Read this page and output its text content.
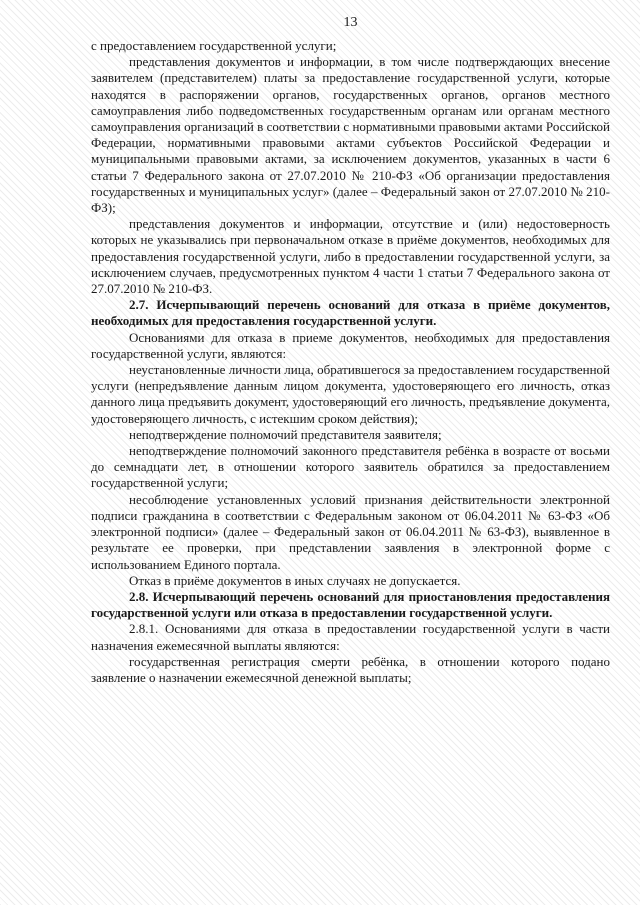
13

с предоставлением государственной услуги;

представления документов и информации, в том числе подтверждающих внесение заявителем (представителем) платы за предоставление государственной услуги, которые находятся в распоряжении органов, государственных органов, органов местного самоуправления либо подведомственных государственным органам или органам местного самоуправления организаций в соответствии с нормативными правовыми актами Российской Федерации, нормативными правовыми актами субъектов Российской Федерации и муниципальными правовыми актами, за исключением документов, указанных в части 6 статьи 7 Федерального закона от 27.07.2010 № 210-ФЗ «Об организации предоставления государственных и муниципальных услуг» (далее – Федеральный закон от 27.07.2010 № 210-ФЗ);

представления документов и информации, отсутствие и (или) недостоверность которых не указывались при первоначальном отказе в приёме документов, необходимых для предоставления государственной услуги, либо в предоставлении государственной услуги, за исключением случаев, предусмотренных пунктом 4 части 1 статьи 7 Федерального закона от 27.07.2010 № 210-ФЗ.

2.7. Исчерпывающий перечень оснований для отказа в приёме документов, необходимых для предоставления государственной услуги.

Основаниями для отказа в приеме документов, необходимых для предоставления государственной услуги, являются:

неустановленные личности лица, обратившегося за предоставлением государственной услуги (непредъявление данным лицом документа, удостоверяющего его личность, отказ данного лица предъявить документ, удостоверяющий его личность, предъявление документа, удостоверяющего личность, с истекшим сроком действия);

неподтверждение полномочий представителя заявителя;

неподтверждение полномочий законного представителя ребёнка в возрасте от восьми до семнадцати лет, в отношении которого заявитель обратился за предоставлением государственной услуги;

несоблюдение установленных условий признания действительности электронной подписи гражданина в соответствии с Федеральным законом от 06.04.2011 № 63-ФЗ «Об электронной подписи» (далее – Федеральный закон от 06.04.2011 № 63-ФЗ), выявленное в результате ее проверки, при представлении заявления в электронной форме с использованием Единого портала.

Отказ в приёме документов в иных случаях не допускается.

2.8. Исчерпывающий перечень оснований для приостановления предоставления государственной услуги или отказа в предоставлении государственной услуги.

2.8.1. Основаниями для отказа в предоставлении государственной услуги в части назначения ежемесячной выплаты являются:

государственная регистрация смерти ребёнка, в отношении которого подано заявление о назначении ежемесячной денежной выплаты;
